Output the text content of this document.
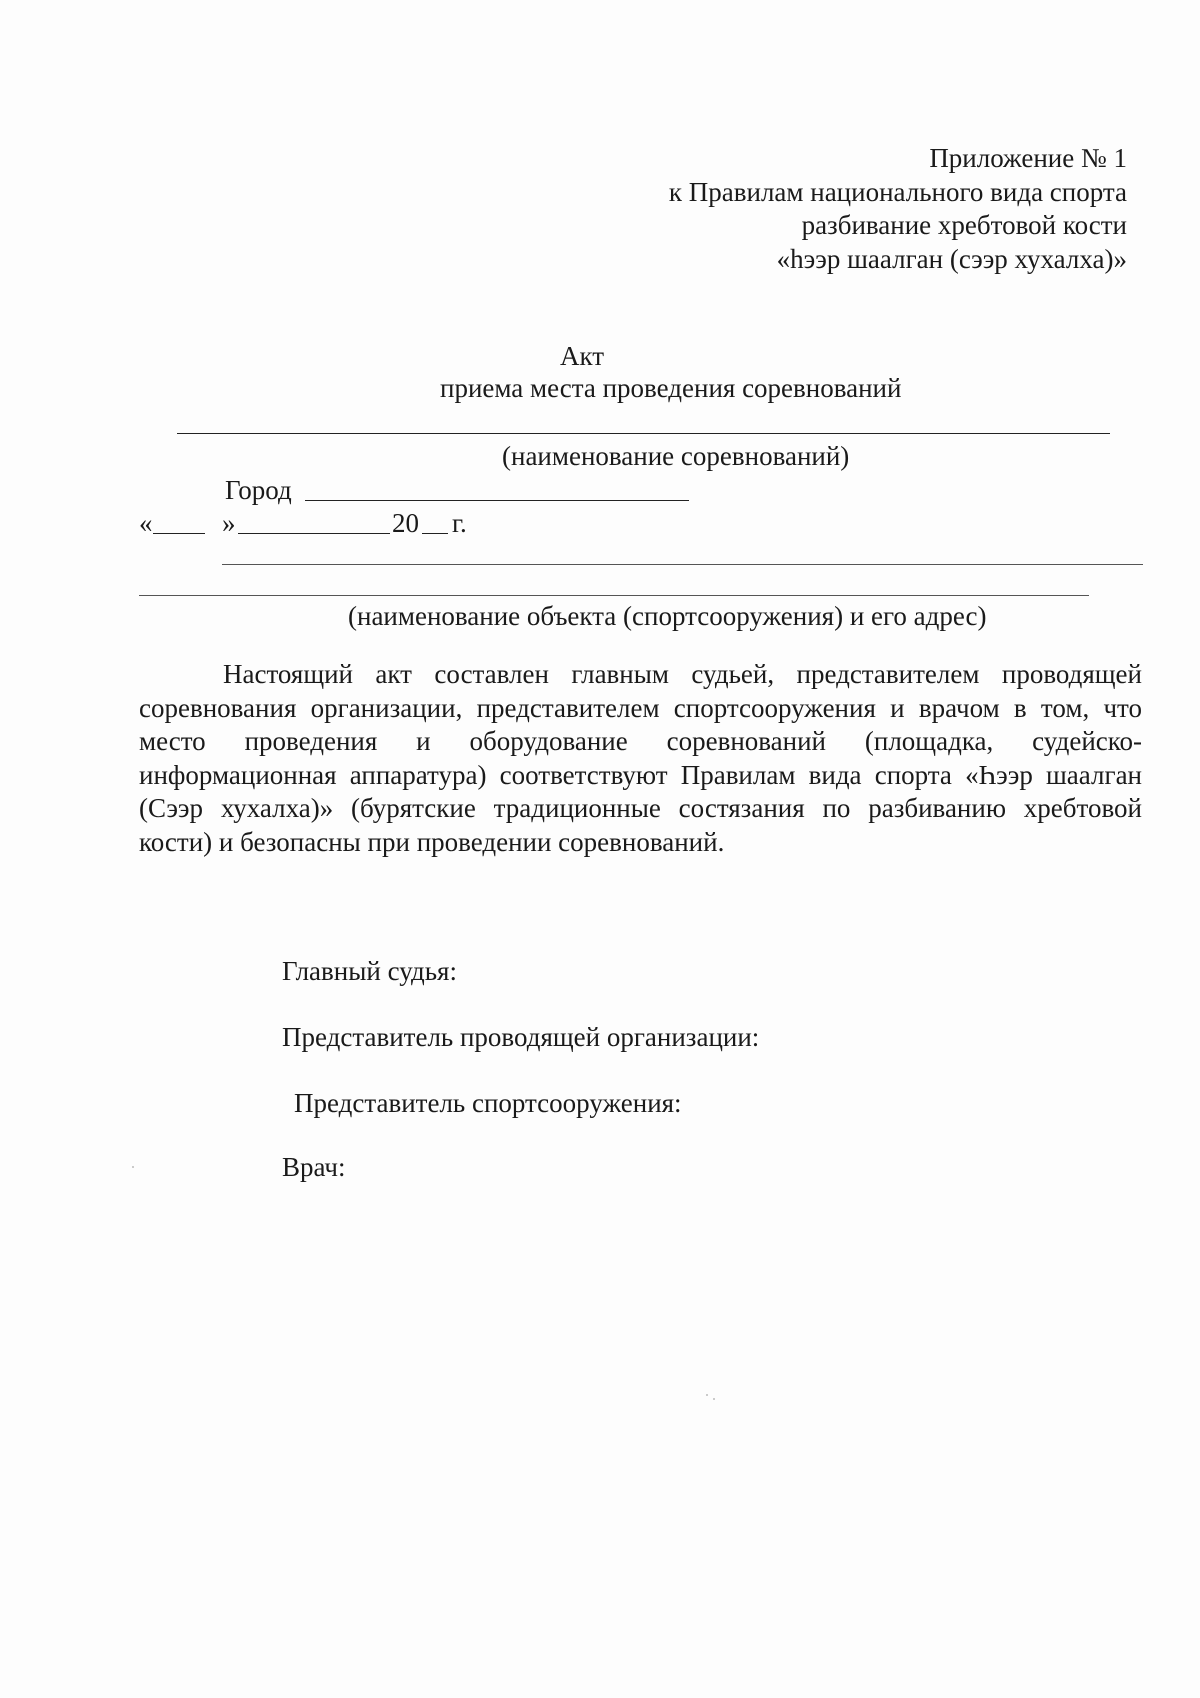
Приложение № 1
к Правилам национального вида спорта
разбивание хребтовой кости
«hээр шаалган (сээр хухалха)»
Акт
приема места проведения соревнований
(наименование соревнований)
Город
«	»	20 г.
(наименование объекта (спортсооружения) и его адрес)
Настоящий акт составлен главным судьей, представителем проводящей соревнования организации, представителем спортсооружения и врачом в том, что место проведения и оборудование соревнований (площадка, судейско-информационная аппаратура) соответствуют Правилам вида спорта «Һээр шаалган (Сээр хухалха)» (бурятские традиционные состязания по разбиванию хребтовой кости) и безопасны при проведении соревнований.
Главный судья:
Представитель проводящей организации:
Представитель спортсооружения:
Врач:
